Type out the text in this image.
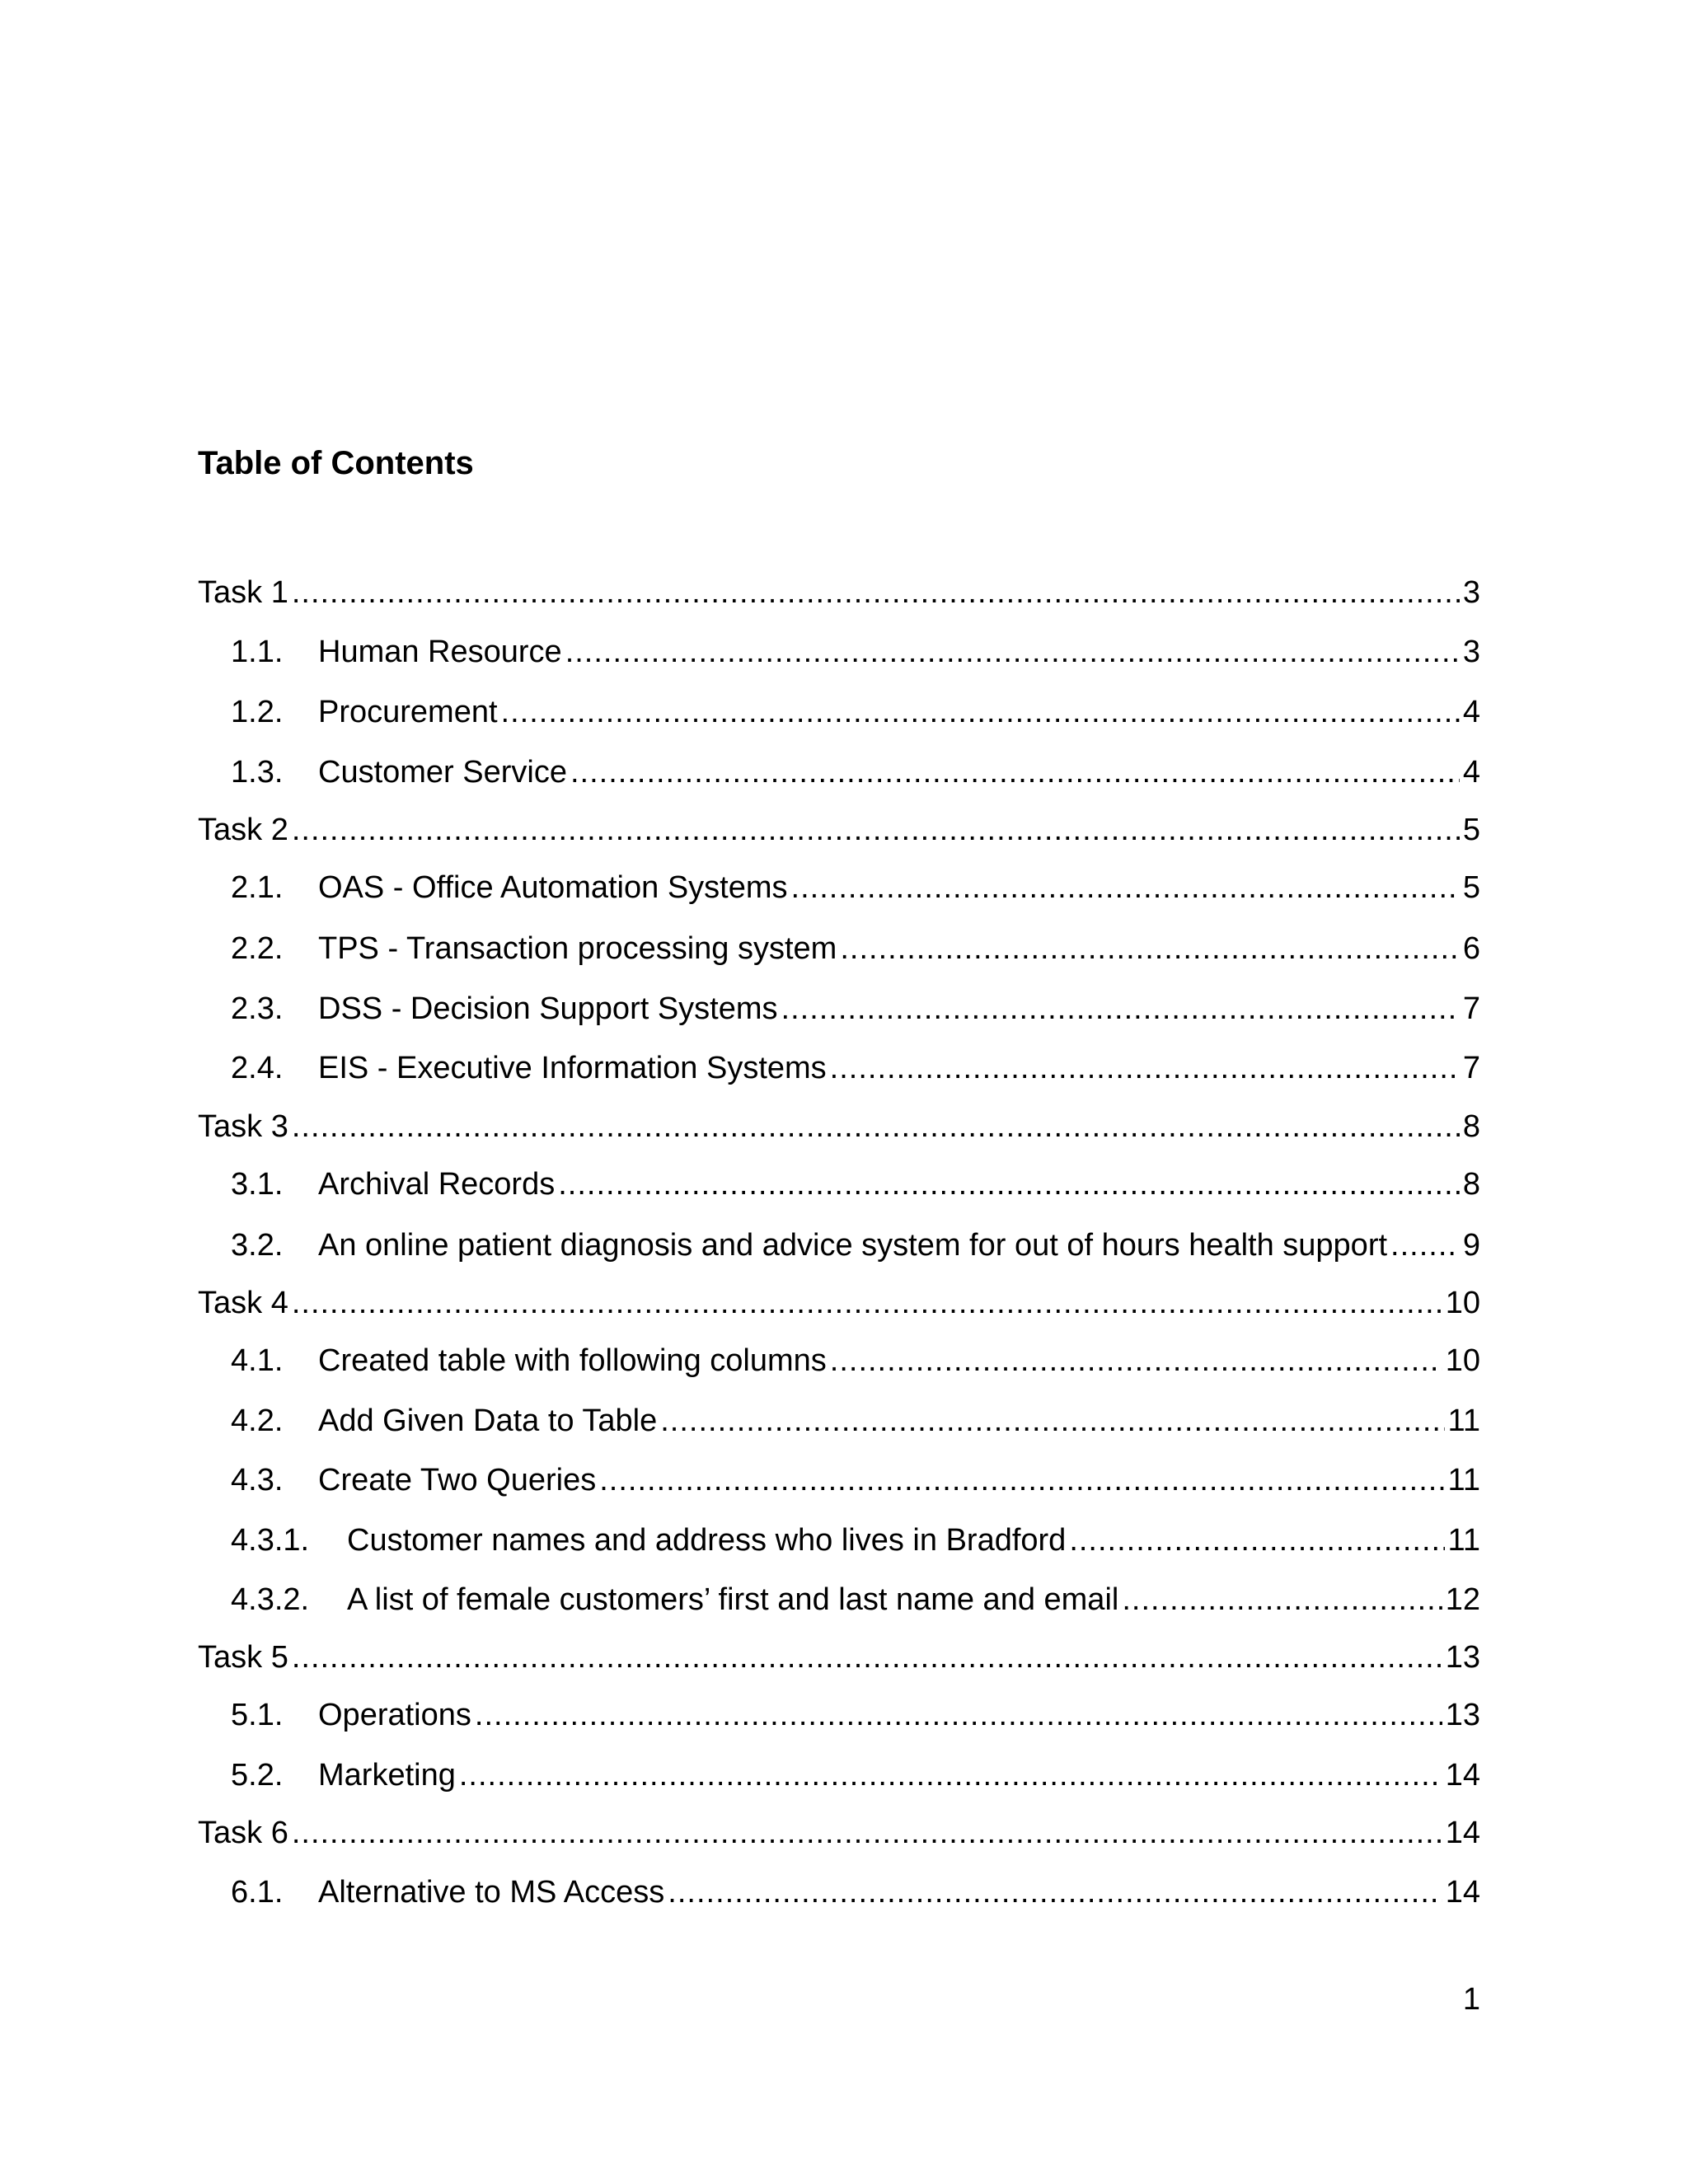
Table of Contents
Task 1 .....	3
1.1.	Human Resource .....	3
1.2.	Procurement .....	4
1.3.	Customer Service .....	4
Task 2 .....	5
2.1.	OAS - Office Automation Systems .....	5
2.2.	TPS - Transaction processing system .....	6
2.3.	DSS - Decision Support Systems .....	7
2.4.	EIS - Executive Information Systems .....	7
Task 3 .....	8
3.1.	Archival Records .....	8
3.2.	An online patient diagnosis and advice system for out of hours health support ..... 9
Task 4 .....	10
4.1.	Created table with following columns .....	10
4.2.	Add Given Data to Table .....	11
4.3.	Create Two Queries .....	11
4.3.1.	Customer names and address who lives in Bradford .....	11
4.3.2.	A list of female customers’ first and last name and email .....	12
Task 5 .....	13
5.1.	Operations .....	13
5.2.	Marketing .....	14
Task 6 .....	14
6.1.	Alternative to MS Access .....	14
1
